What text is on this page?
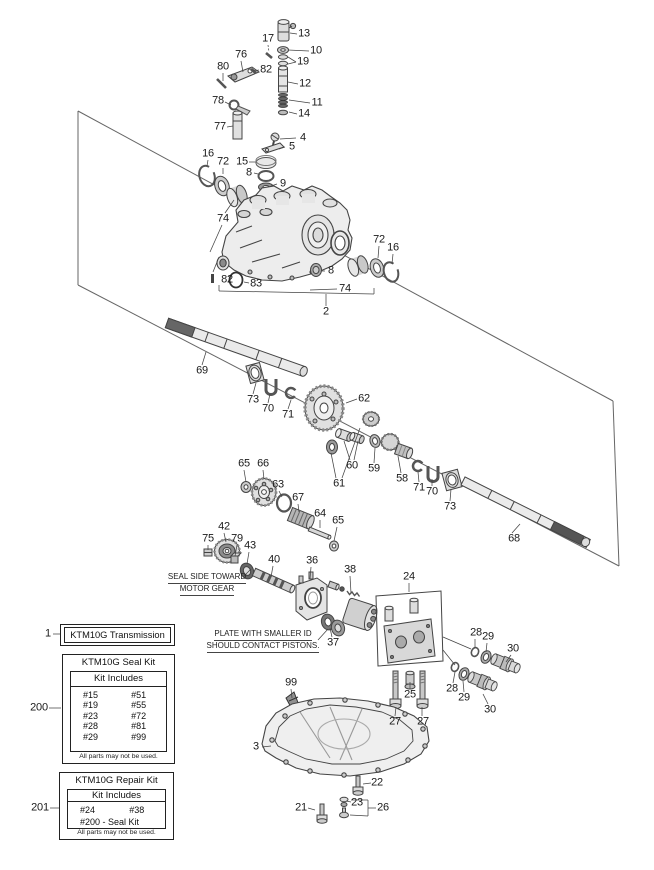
13
17
10
76
19
80	82
12
78	11
14
77
4
5
16
72 15
8
9
74
72
16
8
82 83	74
2
69
73
70 71
62
65 66	60 59
58
61
63	71 70
67
73
64
65
42
68
75 79
43
40 36
38
24
28 29
37	30
99	28
25	29
30
27 27
3
22
23
21	26
1
200
201
SEAL SIDE TOWARD
MOTOR GEAR
PLATE WITH SMALLER ID
SHOULD CONTACT PISTONS.
KTM10G Transmission
KTM10G Seal Kit
Kit Includes
#15	#51
#19	#55
#23	#72
#28	#81
#29	#99
All parts may not be used.
KTM10G Repair Kit
Kit Includes
#24	#38
#200 - Seal Kit
All parts may not be used.
